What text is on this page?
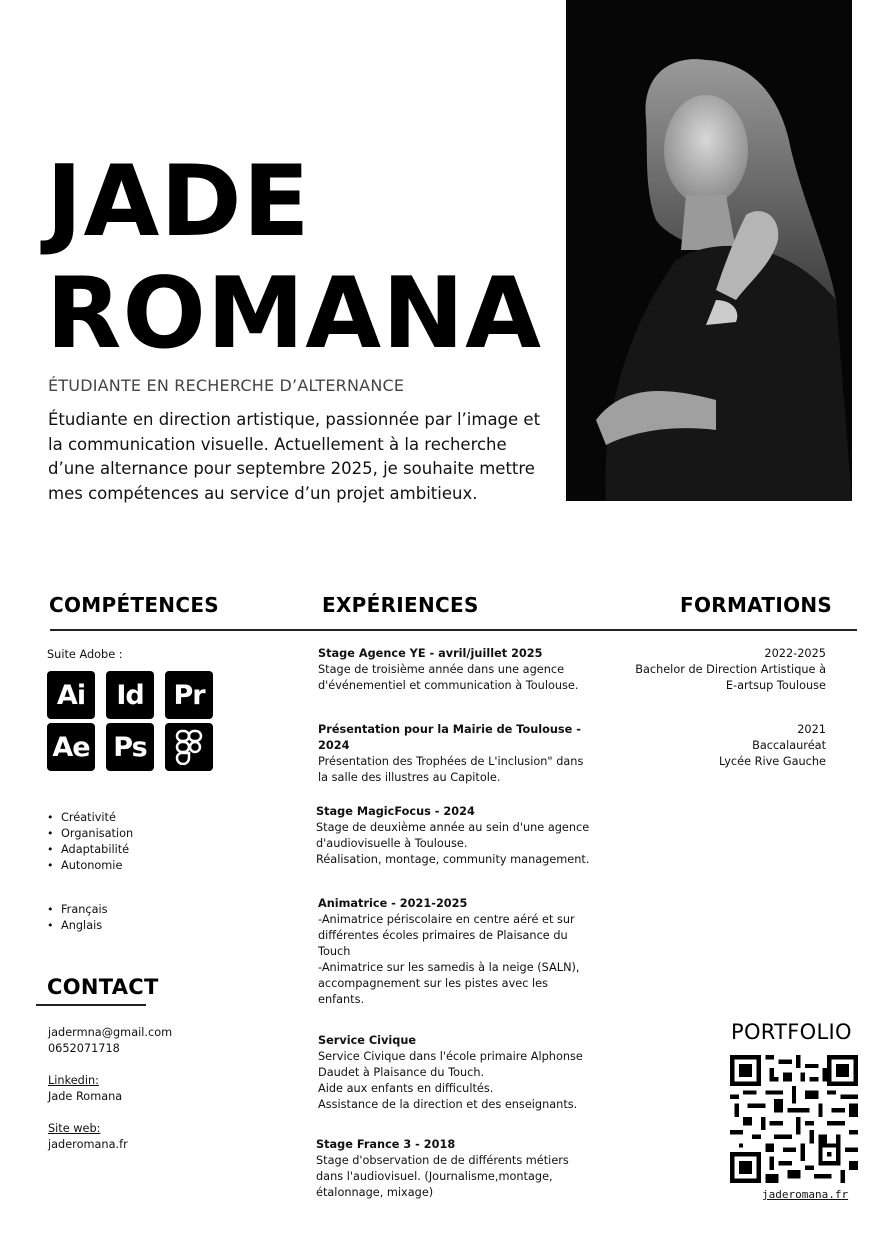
JADE
ROMANA
ÉTUDIANTE EN RECHERCHE D’ALTERNANCE
Étudiante en direction artistique, passionnée par l’image et la communication visuelle. Actuellement à la recherche d’une alternance pour septembre 2025, je souhaite mettre mes compétences au service d’un projet ambitieux.
COMPÉTENCES	EXPÉRIENCES	FORMATIONS
Suite Adobe :
Ai	Id	Pr
Ae Ps
• Créativité
• Organisation
• Adaptabilité
• Autonomie
• Français
• Anglais
CONTACT
jadermna@gmail.com
0652071718
Linkedin:
Jade Romana
Site web:
jaderomana.fr
Stage Agence YE - avril/juillet 2025
Stage de troisième année dans une agence
d'événementiel et communication à Toulouse.
Présentation pour la Mairie de Toulouse - 2024
Présentation des Trophées de L'inclusion" dans
la salle des illustres au Capitole.
Stage MagicFocus - 2024
Stage de deuxième année au sein d'une agence
d'audiovisuelle à Toulouse.
Réalisation, montage, community management.
Animatrice - 2021-2025
-Animatrice périscolaire en centre aéré et sur
différentes écoles primaires de Plaisance du
Touch
-Animatrice sur les samedis à la neige (SALN),
accompagnement sur les pistes avec les
enfants.
Service Civique
Service Civique dans l'école primaire Alphonse
Daudet à Plaisance du Touch.
Aide aux enfants en difficultés.
Assistance de la direction et des enseignants.
Stage France 3 - 2018
Stage d'observation de de différents métiers
dans l'audiovisuel. (Journalisme,montage,
étalonnage, mixage)
2022-2025
Bachelor de Direction Artistique à
E-artsup Toulouse
2021
Baccalauréat
Lycée Rive Gauche
PORTFOLIO
jaderomana.fr
